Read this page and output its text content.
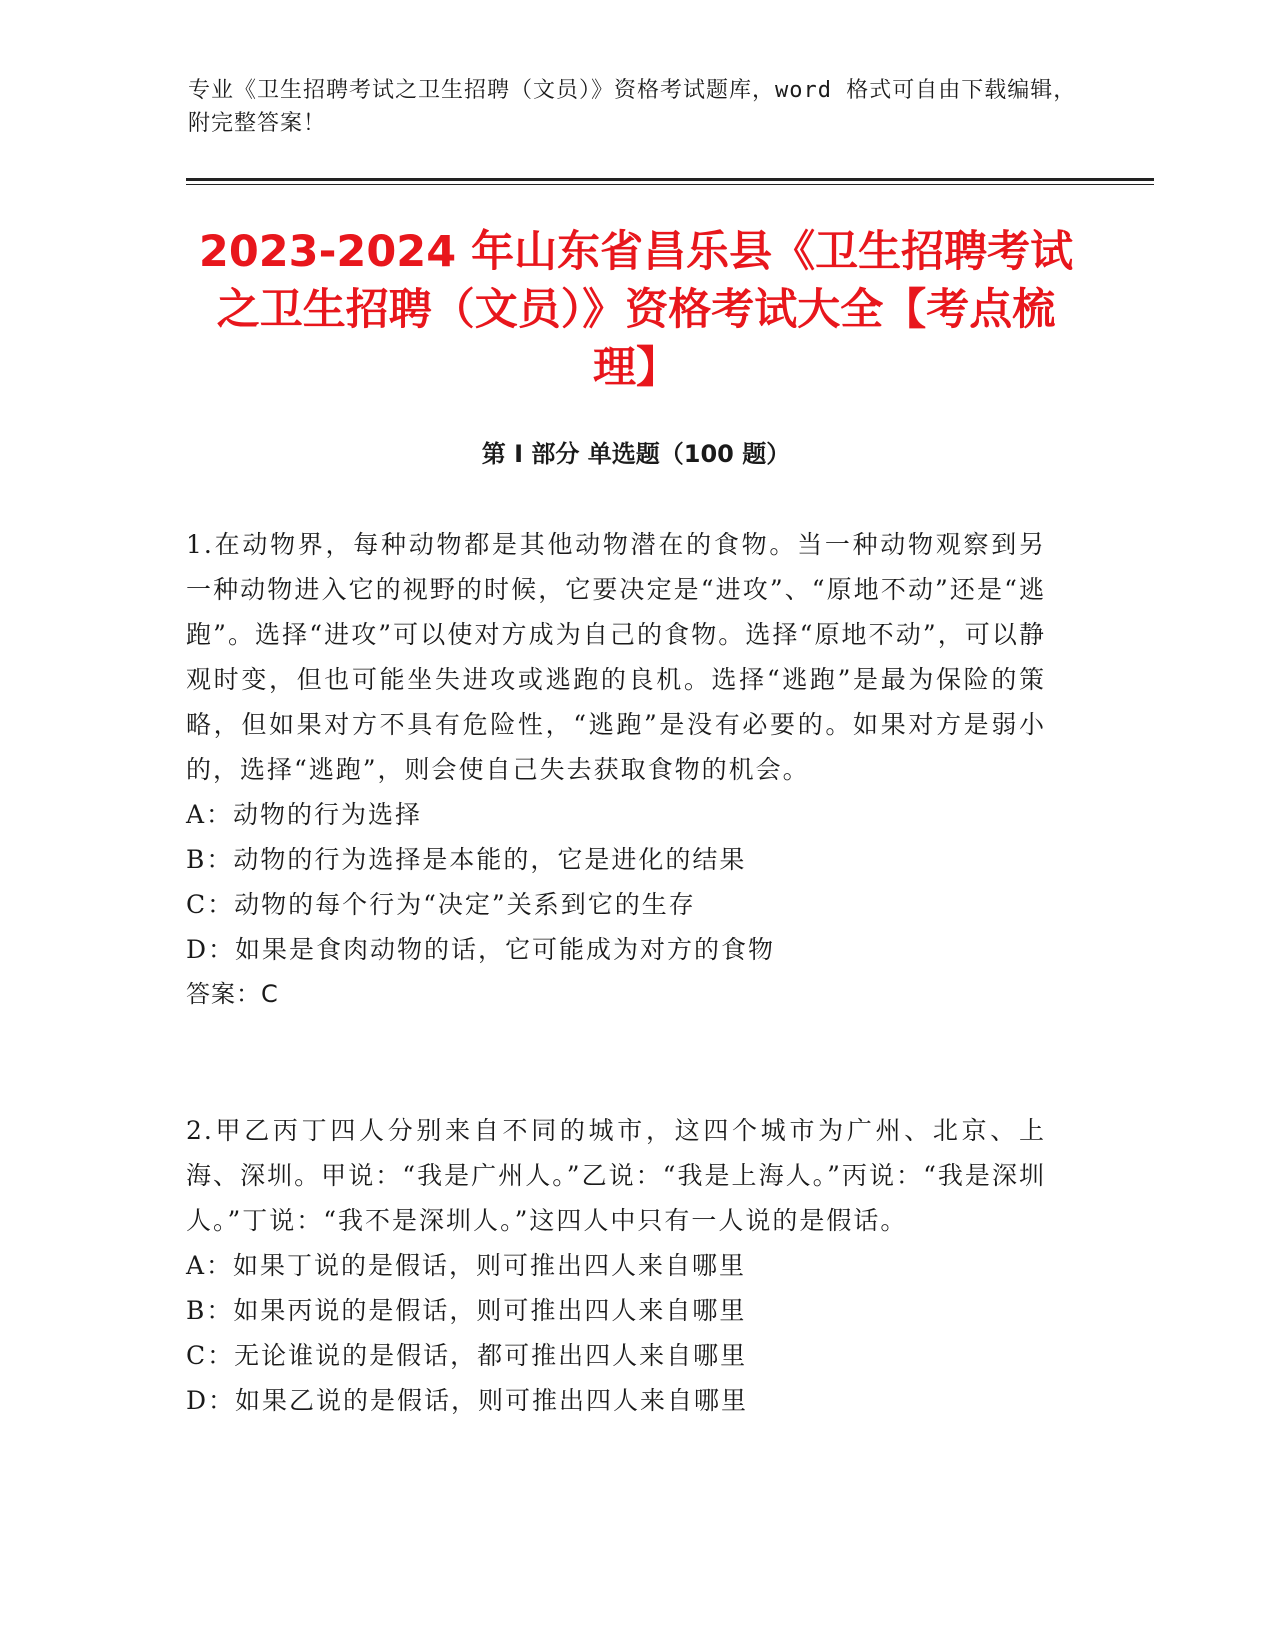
专业《卫生招聘考试之卫生招聘（文员）》资格考试题库，word 格式可自由下载编辑，附完整答案！
2023-2024 年山东省昌乐县《卫生招聘考试之卫生招聘（文员）》资格考试大全【考点梳理】
第 I 部分 单选题（100 题）

1.在动物界，每种动物都是其他动物潜在的食物。当一种动物观察到另一种动物进入它的视野的时候，它要决定是“进攻”、“原地不动”还是“逃跑”。选择“进攻”可以使对方成为自己的食物。选择“原地不动”，可以静观时变，但也可能坐失进攻或逃跑的良机。选择“逃跑”是最为保险的策略，但如果对方不具有危险性，“逃跑”是没有必要的。如果对方是弱小的，选择“逃跑”，则会使自己失去获取食物的机会。

A：动物的行为选择

B：动物的行为选择是本能的，它是进化的结果

C：动物的每个行为“决定”关系到它的生存

D：如果是食肉动物的话，它可能成为对方的食物

答案：C

2.甲乙丙丁四人分别来自不同的城市，这四个城市为广州、北京、上海、深圳。甲说：“我是广州人。”乙说：“我是上海人。”丙说：“我是深圳人。”丁说：“我不是深圳人。”这四人中只有一人说的是假话。

A：如果丁说的是假话，则可推出四人来自哪里

B：如果丙说的是假话，则可推出四人来自哪里

C：无论谁说的是假话，都可推出四人来自哪里

D：如果乙说的是假话，则可推出四人来自哪里
